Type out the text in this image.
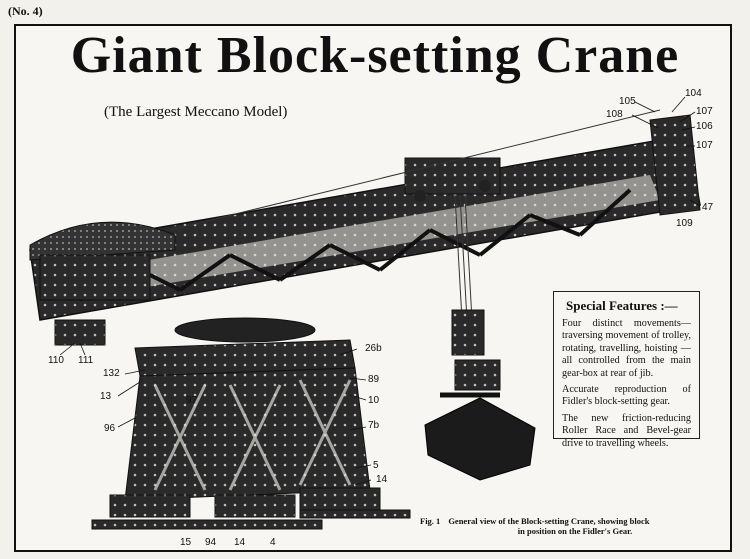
(No. 4)
Giant Block-setting Crane
(The Largest Meccano Model)
105
104
108	107
106
107
47
109
26b
132
89
13	97	10
96	7b
5
14
110 111
15 94 14 4
Special Features :—

Four distinct movements—traversing movement of trolley, rotating, travelling, hoisting — all controlled from the main gear-box at rear of jib.

Accurate reproduction of Fidler's block-setting gear.

The new friction-reducing Roller Race and Bevel-gear drive to travelling wheels.

Fig. 1 General view of the Block-setting Crane, showing block
in position on the Fidler's Gear.
